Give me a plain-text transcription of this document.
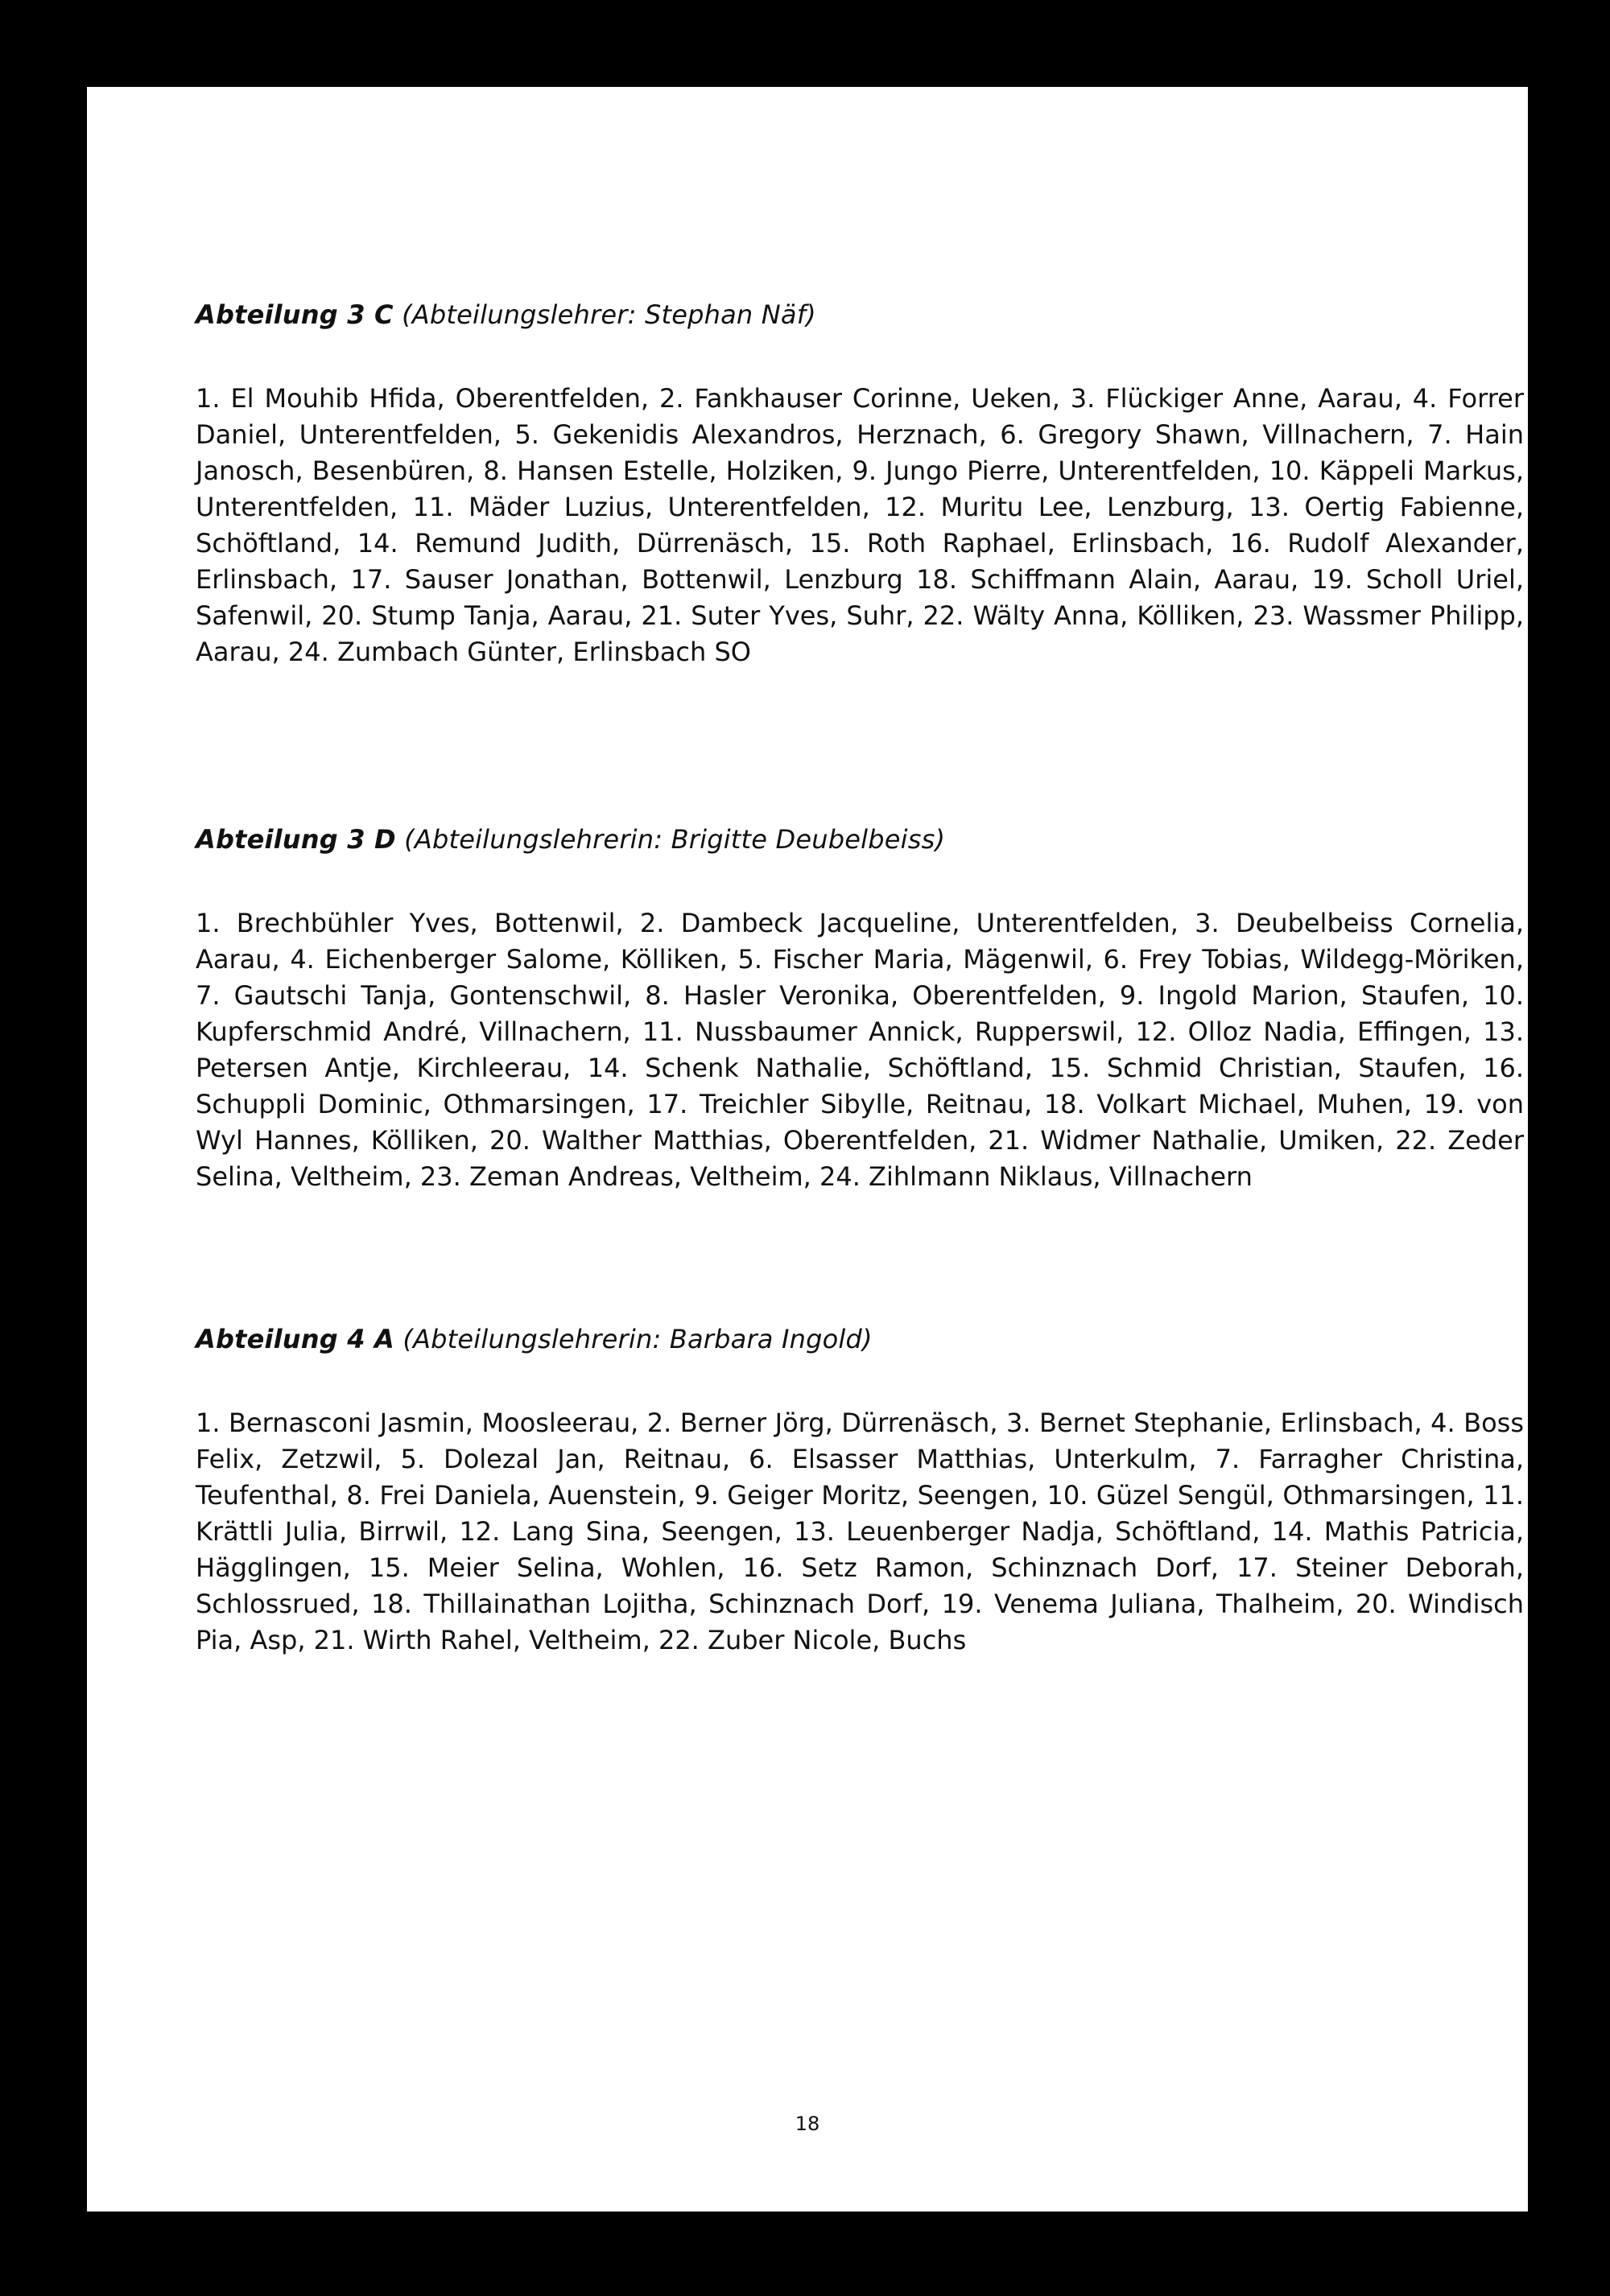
Abteilung 3 C (Abteilungslehrer: Stephan Näf)

1. El Mouhib Hfida, Oberentfelden, 2. Fankhauser Corinne, Ueken, 3. Flückiger Anne, Aarau, 4. Forrer Daniel, Unterentfelden, 5. Gekenidis Alexandros, Herznach, 6. Gregory Shawn, Villnachern, 7. Hain Janosch, Besenbüren, 8. Hansen Estelle, Holziken, 9. Jungo Pierre, Unterentfelden, 10. Käppeli Markus, Unterentfelden, 11. Mäder Luzius, Unterentfelden, 12. Muritu Lee, Lenzburg, 13. Oertig Fabienne, Schöftland, 14. Remund Judith, Dürrenäsch, 15. Roth Raphael, Erlinsbach, 16. Rudolf Alexander, Erlinsbach, 17. Sauser Jonathan, Bottenwil, Lenzburg 18. Schiffmann Alain, Aarau, 19. Scholl Uriel, Safenwil, 20. Stump Tanja, Aarau, 21. Suter Yves, Suhr, 22. Wälty Anna, Kölliken, 23. Wassmer Philipp, Aarau, 24. Zumbach Günter, Erlinsbach SO

Abteilung 3 D (Abteilungslehrerin: Brigitte Deubelbeiss)

1. Brechbühler Yves, Bottenwil, 2. Dambeck Jacqueline, Unterentfelden, 3. Deubelbeiss Cornelia, Aarau, 4. Eichenberger Salome, Kölliken, 5. Fischer Maria, Mägenwil, 6. Frey Tobias, Wildegg-Möriken, 7. Gautschi Tanja, Gontenschwil, 8. Hasler Veronika, Oberentfelden, 9. Ingold Marion, Staufen, 10. Kupferschmid André, Villnachern, 11. Nussbaumer Annick, Rupperswil, 12. Olloz Nadia, Effingen, 13. Petersen Antje, Kirchleerau, 14. Schenk Nathalie, Schöftland, 15. Schmid Christian, Staufen, 16. Schuppli Dominic, Othmarsingen, 17. Treichler Sibylle, Reitnau, 18. Volkart Michael, Muhen, 19. von Wyl Hannes, Kölliken, 20. Walther Matthias, Oberentfelden, 21. Widmer Nathalie, Umiken, 22. Zeder Selina, Veltheim, 23. Zeman Andreas, Veltheim, 24. Zihlmann Niklaus, Villnachern

Abteilung 4 A (Abteilungslehrerin: Barbara Ingold)

1. Bernasconi Jasmin, Moosleerau, 2. Berner Jörg, Dürrenäsch, 3. Bernet Stephanie, Erlinsbach, 4. Boss Felix, Zetzwil, 5. Dolezal Jan, Reitnau, 6. Elsasser Matthias, Unterkulm, 7. Farragher Christina, Teufenthal, 8. Frei Daniela, Auenstein, 9. Geiger Moritz, Seengen, 10. Güzel Sengül, Othmarsingen, 11. Krättli Julia, Birrwil, 12. Lang Sina, Seengen, 13. Leuenberger Nadja, Schöftland, 14. Mathis Patricia, Hägglingen, 15. Meier Selina, Wohlen, 16. Setz Ramon, Schinznach Dorf, 17. Steiner Deborah, Schlossrued, 18. Thillainathan Lojitha, Schinznach Dorf, 19. Venema Juliana, Thalheim, 20. Windisch Pia, Asp, 21. Wirth Rahel, Veltheim, 22. Zuber Nicole, Buchs

18
